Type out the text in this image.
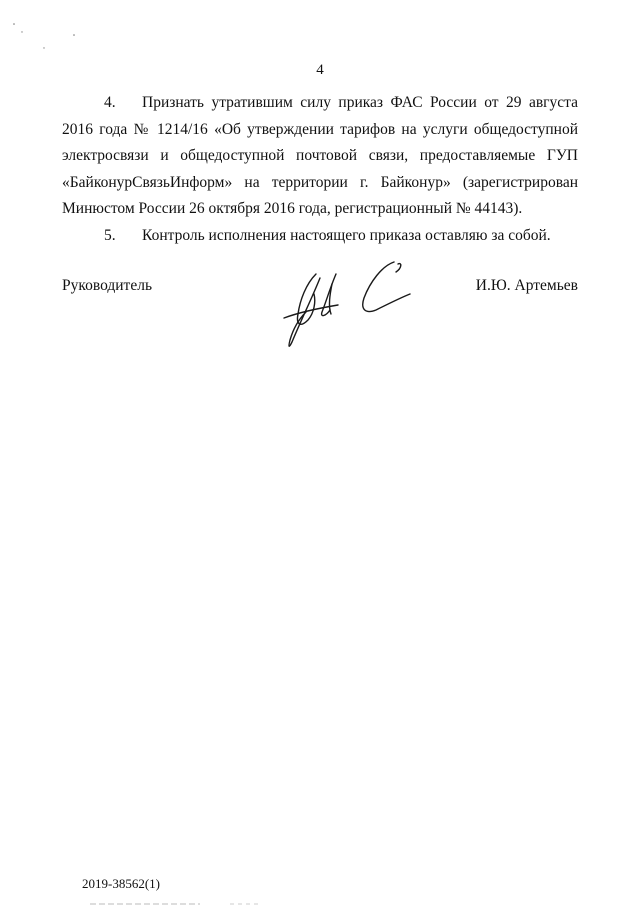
4

4. Признать утратившим силу приказ ФАС России от 29 августа 2016 года № 1214/16 «Об утверждении тарифов на услуги общедоступной электросвязи и общедоступной почтовой связи, предоставляемые ГУП «БайконурСвязьИнформ» на территории г. Байконур» (зарегистрирован Минюстом России 26 октября 2016 года, регистрационный № 44143).

5. Контроль исполнения настоящего приказа оставляю за собой.

Руководитель	И.Ю. Артемьев
2019-38562(1)
